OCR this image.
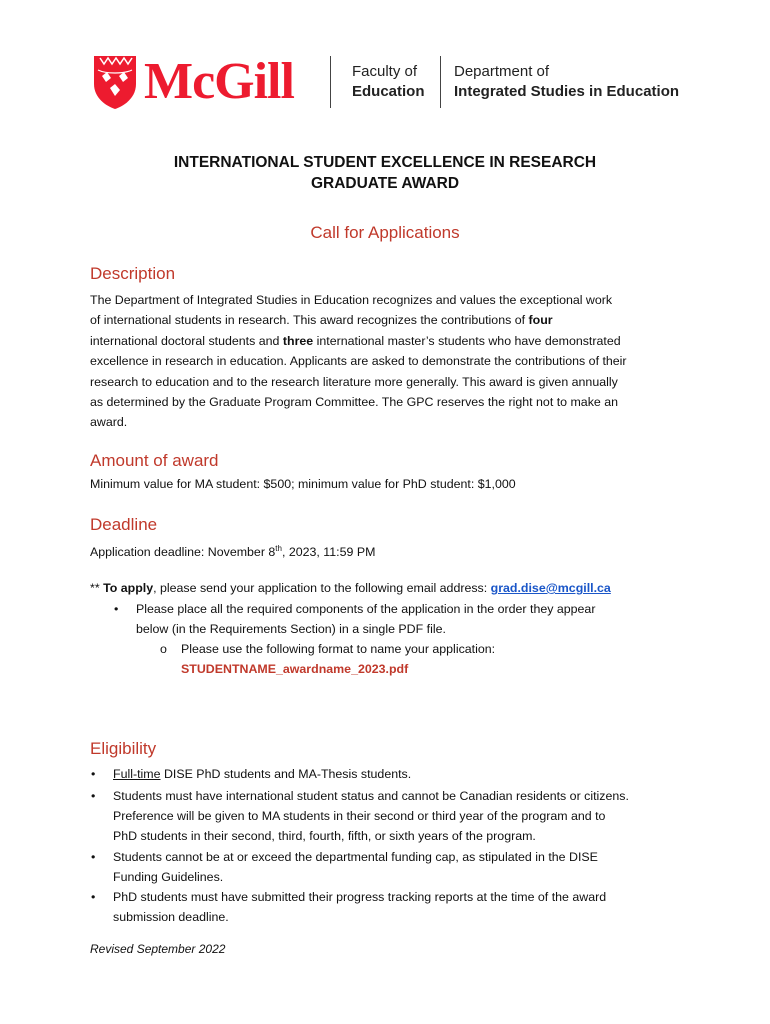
McGill	Faculty of
Education
Department of
Integrated Studies in Education
INTERNATIONAL STUDENT EXCELLENCE IN RESEARCH
GRADUATE AWARD
Call for Applications
Description
The Department of Integrated Studies in Education recognizes and values the exceptional work
of international students in research. This award recognizes the contributions of four
international doctoral students and three international master’s students who have demonstrated
excellence in research in education. Applicants are asked to demonstrate the contributions of their
research to education and to the research literature more generally. This award is given annually
as determined by the Graduate Program Committee. The GPC reserves the right not to make an
award.
Amount of award
Minimum value for MA student: $500; minimum value for PhD student: $1,000
Deadline
Application deadline: November 8th, 2023, 11:59 PM
** To apply, please send your application to the following email address: grad.dise@mcgill.ca
• Please place all the required components of the application in the order they appear
below (in the Requirements Section) in a single PDF file.
o Please use the following format to name your application:
STUDENTNAME_awardname_2023.pdf
Eligibility
• Full-time DISE PhD students and MA-Thesis students.
• Students must have international student status and cannot be Canadian residents or citizens.
Preference will be given to MA students in their second or third year of the program and to
PhD students in their second, third, fourth, fifth, or sixth years of the program.
• Students cannot be at or exceed the departmental funding cap, as stipulated in the DISE
Funding Guidelines.
• PhD students must have submitted their progress tracking reports at the time of the award
submission deadline.
Revised September 2022
